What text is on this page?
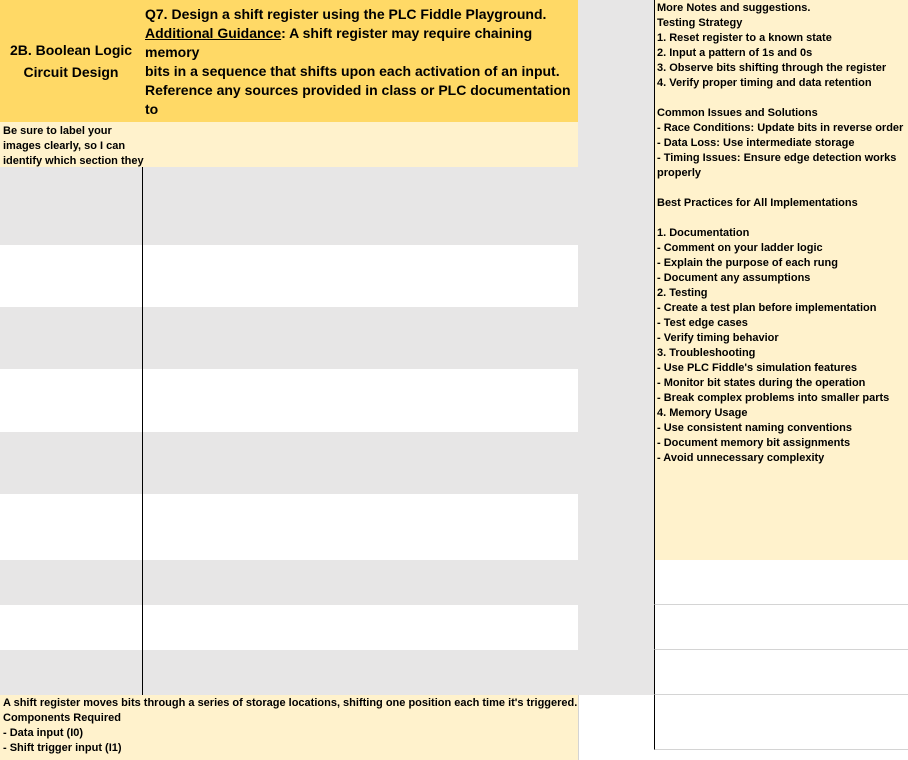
2B. Boolean Logic
Circuit Design
Q7. Design a shift register using the PLC Fiddle Playground.
Additional Guidance: A shift register may require chaining memory
bits in a sequence that shifts upon each activation of an input.
Reference any sources provided in class or PLC documentation to
Be sure to label your
images clearly, so I can
identify which section they
A shift register moves bits through a series of storage locations, shifting one position each time it's triggered.
Components Required
- Data input (I0)
- Shift trigger input (I1)
More Notes and suggestions.
Testing Strategy
1. Reset register to a known state
2. Input a pattern of 1s and 0s
3. Observe bits shifting through the register
4. Verify proper timing and data retention

Common Issues and Solutions
- Race Conditions: Update bits in reverse order
- Data Loss: Use intermediate storage
- Timing Issues: Ensure edge detection works
properly

Best Practices for All Implementations

1. Documentation
- Comment on your ladder logic
- Explain the purpose of each rung
- Document any assumptions
2. Testing
- Create a test plan before implementation
- Test edge cases
- Verify timing behavior
3. Troubleshooting
- Use PLC Fiddle's simulation features
- Monitor bit states during the operation
- Break complex problems into smaller parts
4. Memory Usage
- Use consistent naming conventions
- Document memory bit assignments
- Avoid unnecessary complexity
